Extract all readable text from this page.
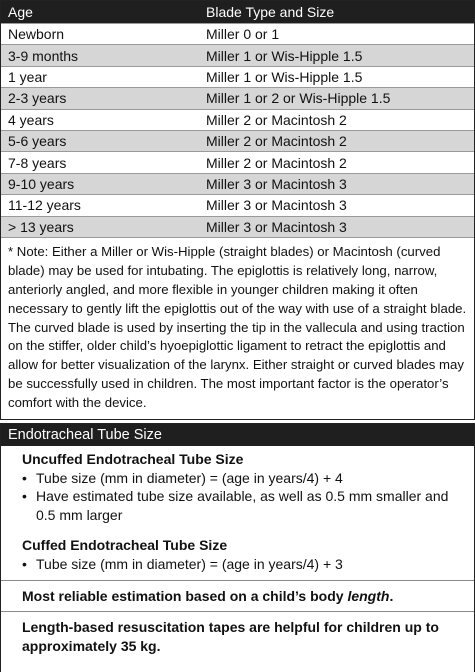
Age	Blade Type and Size
Newborn	Miller 0 or 1
3-9 months	Miller 1 or Wis-Hipple 1.5
1 year	Miller 1 or Wis-Hipple 1.5
2-3 years	Miller 1 or 2 or Wis-Hipple 1.5
4 years	Miller 2 or Macintosh 2
5-6 years	Miller 2 or Macintosh 2
7-8 years	Miller 2 or Macintosh 2
9-10 years	Miller 3 or Macintosh 3
11-12 years	Miller 3 or Macintosh 3
> 13 years	Miller 3 or Macintosh 3
* Note: Either a Miller or Wis-Hipple (straight blades) or Macintosh (curved blade) may be used for intubating. The epiglottis is relatively long, narrow, anteriorly angled, and more flexible in younger children making it often necessary to gently lift the epiglottis out of the way with use of a straight blade. The curved blade is used by inserting the tip in the vallecula and using traction on the stiffer, older child’s hyoepiglottic ligament to retract the epiglottis and allow for better visualization of the larynx. Either straight or curved blades may be successfully used in children. The most important factor is the operator’s comfort with the device.
Endotracheal Tube Size
Uncuffed Endotracheal Tube Size
• Tube size (mm in diameter) = (age in years/4) + 4
• Have estimated tube size available, as well as 0.5 mm smaller and 0.5 mm larger
Cuffed Endotracheal Tube Size
• Tube size (mm in diameter) = (age in years/4) + 3
Most reliable estimation based on a child’s body length.
Length-based resuscitation tapes are helpful for children up to approximately 35 kg.
